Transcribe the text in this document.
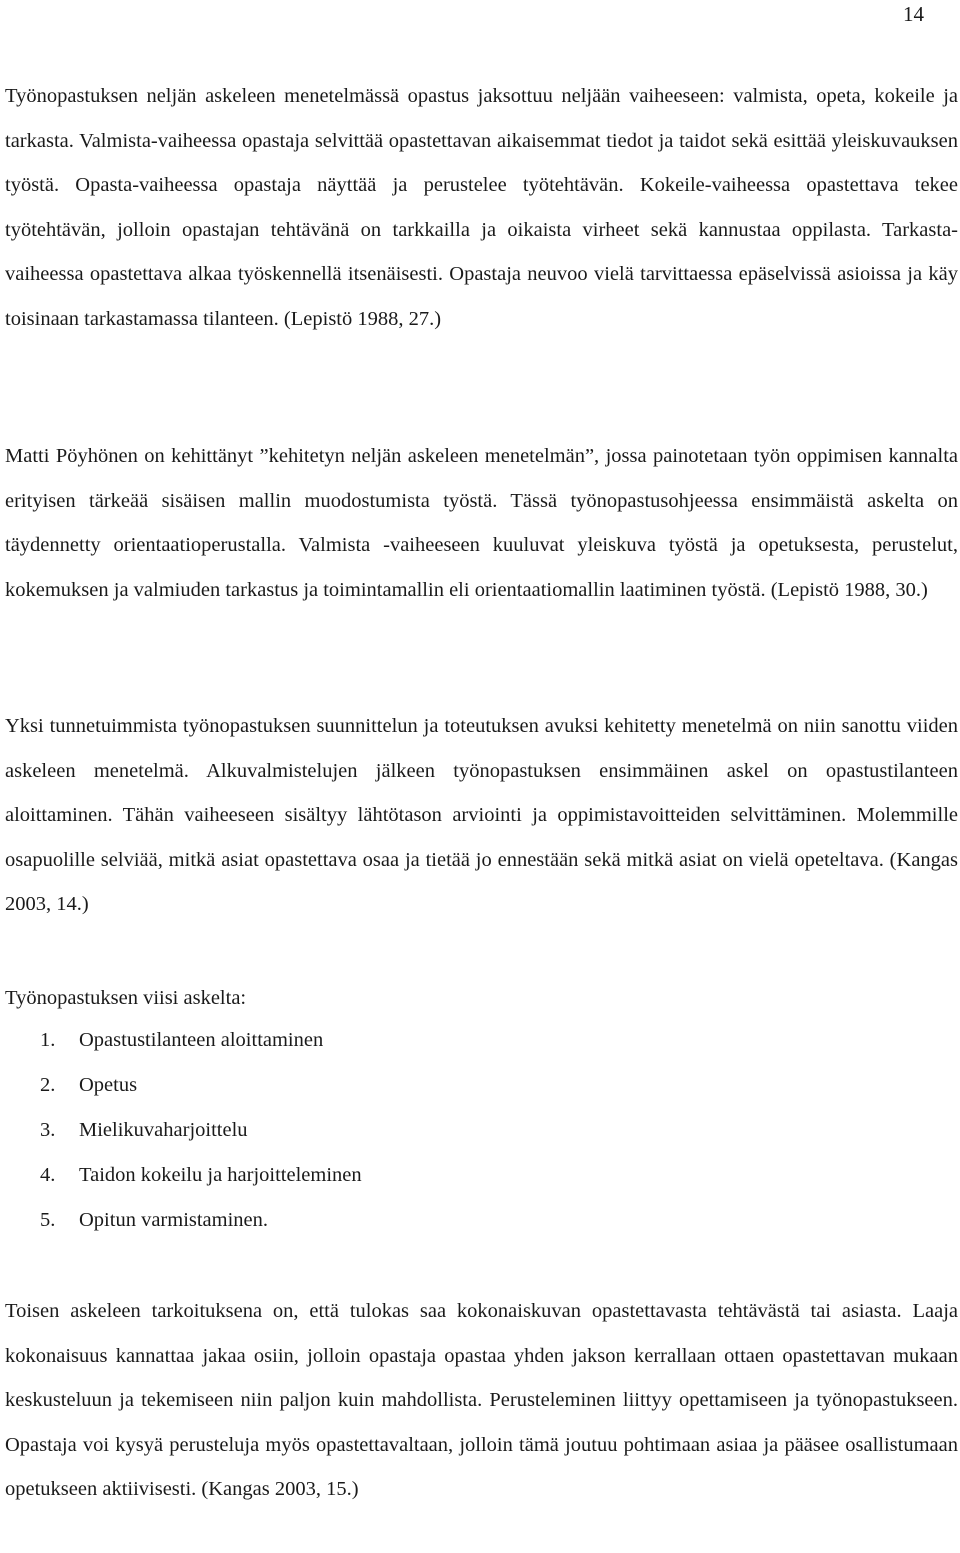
14

Työnopastuksen neljän askeleen menetelmässä opastus jaksottuu neljään vaiheeseen: valmista, opeta, kokeile ja tarkasta. Valmista-vaiheessa opastaja selvittää opastettavan aikaisemmat tiedot ja taidot sekä esittää yleiskuvauksen työstä. Opasta-vaiheessa opastaja näyttää ja perustelee työtehtävän. Kokeile-vaiheessa opastettava tekee työtehtävän, jolloin opastajan tehtävänä on tarkkailla ja oikaista virheet sekä kannustaa oppilasta. Tarkasta-vaiheessa opastettava alkaa työskennellä itsenäisesti. Opastaja neuvoo vielä tarvittaessa epäselvissä asioissa ja käy toisinaan tarkastamassa tilanteen. (Lepistö 1988, 27.)

Matti Pöyhönen on kehittänyt ”kehitetyn neljän askeleen menetelmän”, jossa painotetaan työn oppimisen kannalta erityisen tärkeää sisäisen mallin muodostumista työstä. Tässä työnopastusohjeessa ensimmäistä askelta on täydennetty orientaatioperustalla. Valmista -vaiheeseen kuuluvat yleiskuva työstä ja opetuksesta, perustelut, kokemuksen ja valmiuden tarkastus ja toimintamallin eli orientaatiomallin laatiminen työstä. (Lepistö 1988, 30.)

Yksi tunnetuimmista työnopastuksen suunnittelun ja toteutuksen avuksi kehitetty menetelmä on niin sanottu viiden askeleen menetelmä. Alkuvalmistelujen jälkeen työnopastuksen ensimmäinen askel on opastustilanteen aloittaminen. Tähän vaiheeseen sisältyy lähtötason arviointi ja oppimistavoitteiden selvittäminen. Molemmille osapuolille selviää, mitkä asiat opastettava osaa ja tietää jo ennestään sekä mitkä asiat on vielä opeteltava. (Kangas 2003, 14.)

Työnopastuksen viisi askelta:

1.	Opastustilanteen aloittaminen
2.	Opetus
3.	Mielikuvaharjoittelu
4.	Taidon kokeilu ja harjoitteleminen
5.	Opitun varmistaminen.

Toisen askeleen tarkoituksena on, että tulokas saa kokonaiskuvan opastettavasta tehtävästä tai asiasta. Laaja kokonaisuus kannattaa jakaa osiin, jolloin opastaja opastaa yhden jakson kerrallaan ottaen opastettavan mukaan keskusteluun ja tekemiseen niin paljon kuin mahdollista. Perusteleminen liittyy opettamiseen ja työnopastukseen. Opastaja voi kysyä perusteluja myös opastettavaltaan, jolloin tämä joutuu pohtimaan asiaa ja pääsee osallistumaan opetukseen aktiivisesti. (Kangas 2003, 15.)
